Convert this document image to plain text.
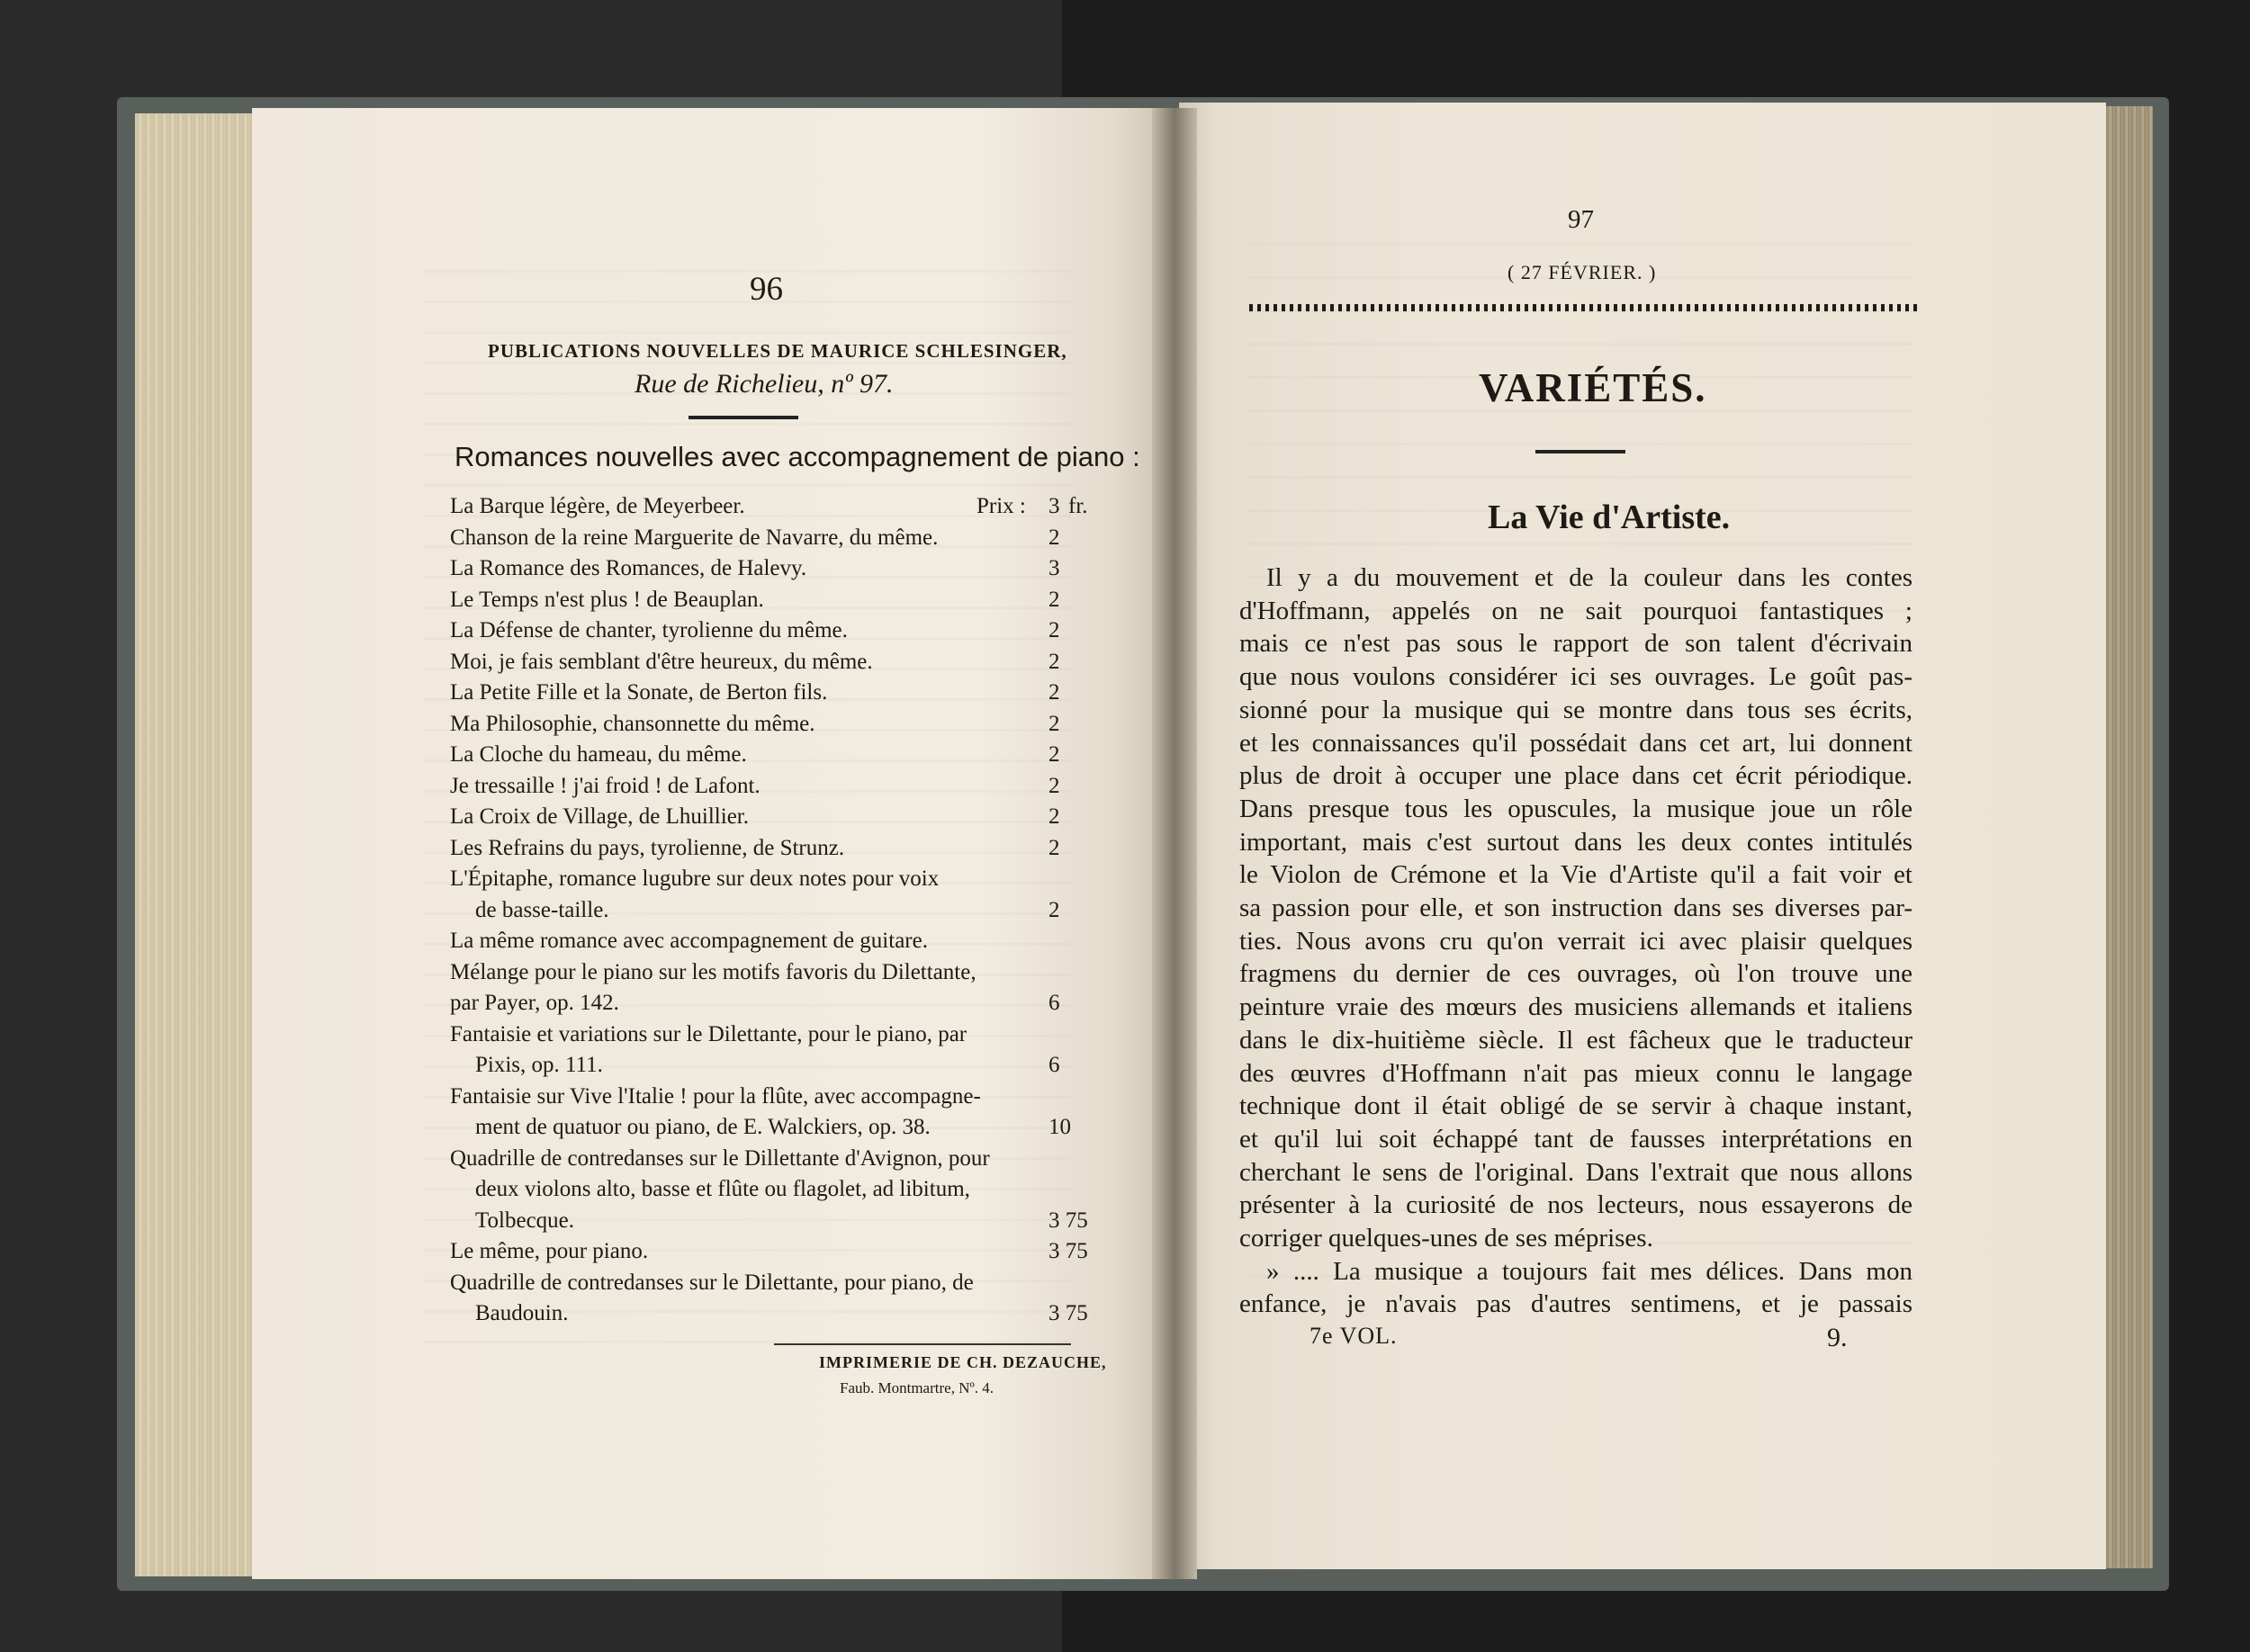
96
PUBLICATIONS NOUVELLES DE MAURICE SCHLESINGER,
Rue de Richelieu, nº 97.
Romances nouvelles avec accompagnement de piano :
La Barque légère, de Meyerbeer.	Prix : 3 fr.
Chanson de la reine Marguerite de Navarre, du même.	2
La Romance des Romances, de Halevy.	3
Le Temps n'est plus ! de Beauplan.	2
La Défense de chanter, tyrolienne du même.	2
Moi, je fais semblant d'être heureux, du même.	2
La Petite Fille et la Sonate, de Berton fils.	2
Ma Philosophie, chansonnette du même.	2
La Cloche du hameau, du même.	2
Je tressaille ! j'ai froid ! de Lafont.	2
La Croix de Village, de Lhuillier.	2
Les Refrains du pays, tyrolienne, de Strunz.	2
L'Épitaphe, romance lugubre sur deux notes pour voix
de basse-taille.	2
La même romance avec accompagnement de guitare.
Mélange pour le piano sur les motifs favoris du Dilettante,
par Payer, op. 142.	6
Fantaisie et variations sur le Dilettante, pour le piano, par
Pixis, op. 111.	6
Fantaisie sur Vive l'Italie ! pour la flûte, avec accompagne-
ment de quatuor ou piano, de E. Walckiers, op. 38.	10
Quadrille de contredanses sur le Dillettante d'Avignon, pour
deux violons alto, basse et flûte ou flagolet, ad libitum,
Tolbecque.	3 75
Le même, pour piano.	3 75
Quadrille de contredanses sur le Dilettante, pour piano, de
Baudouin.	3 75
IMPRIMERIE DE CH. DEZAUCHE,
Faub. Montmartre, Nº. 4.
97
( 27 FÉVRIER. )
VARIÉTÉS.
La Vie d'Artiste.
Il y a du mouvement et de la couleur dans les contes
d'Hoffmann, appelés on ne sait pourquoi fantastiques ;
mais ce n'est pas sous le rapport de son talent d'écrivain
que nous voulons considérer ici ses ouvrages. Le goût pas-
sionné pour la musique qui se montre dans tous ses écrits,
et les connaissances qu'il possédait dans cet art, lui donnent
plus de droit à occuper une place dans cet écrit périodique.
Dans presque tous les opuscules, la musique joue un rôle
important, mais c'est surtout dans les deux contes intitulés
le Violon de Crémone et la Vie d'Artiste qu'il a fait voir et
sa passion pour elle, et son instruction dans ses diverses par-
ties. Nous avons cru qu'on verrait ici avec plaisir quelques
fragmens du dernier de ces ouvrages, où l'on trouve une
peinture vraie des mœurs des musiciens allemands et italiens
dans le dix-huitième siècle. Il est fâcheux que le traducteur
des œuvres d'Hoffmann n'ait pas mieux connu le langage
technique dont il était obligé de se servir à chaque instant,
et qu'il lui soit échappé tant de fausses interprétations en
cherchant le sens de l'original. Dans l'extrait que nous allons
présenter à la curiosité de nos lecteurs, nous essayerons de
corriger quelques-unes de ses méprises.
» .... La musique a toujours fait mes délices. Dans mon
enfance, je n'avais pas d'autres sentimens, et je passais
7e VOL.	9.
